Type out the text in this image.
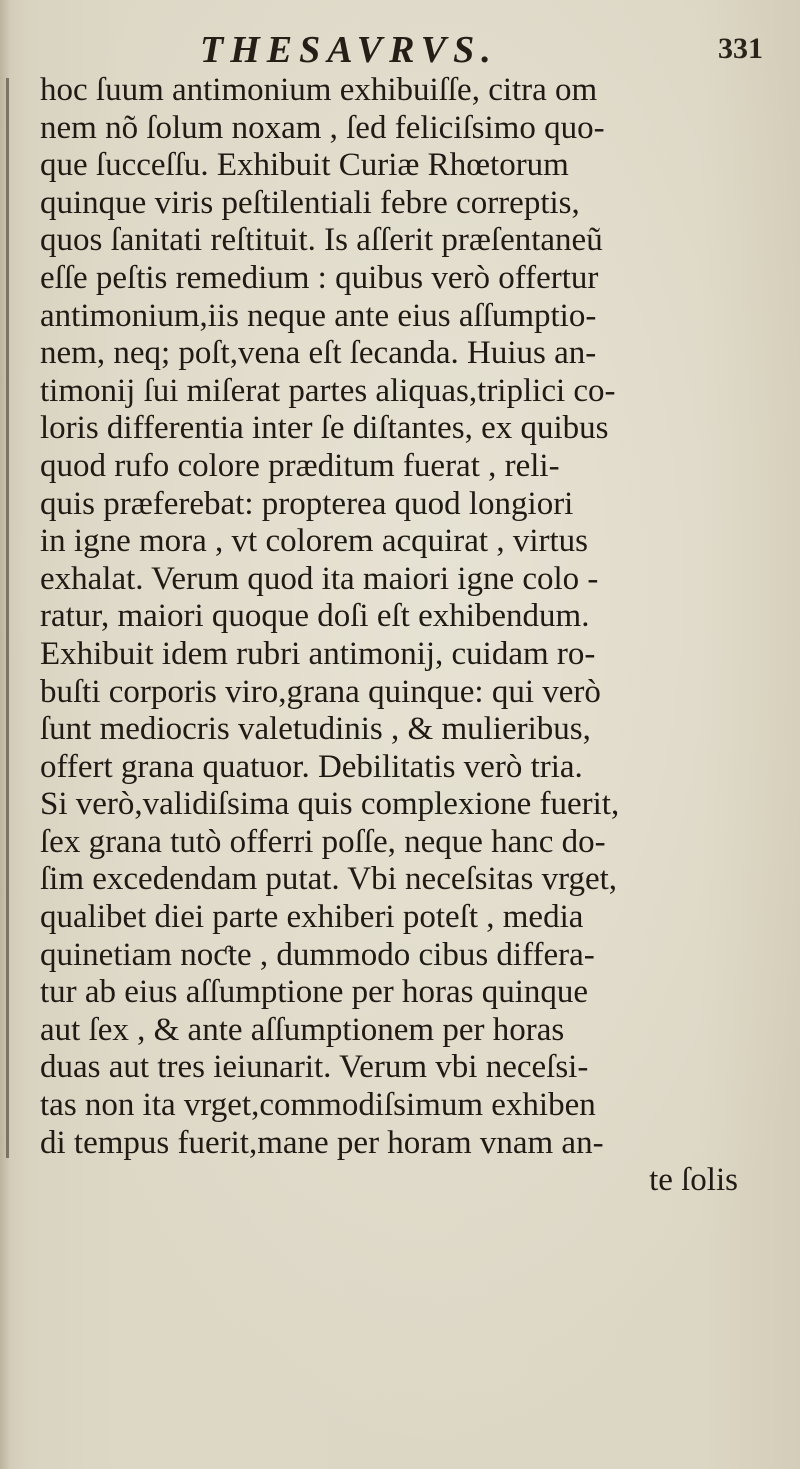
THESAVRVS.	331
hoc ſuum antimonium exhibuiſſe, citra om
nem nõ ſolum noxam , ſed feliciſsimo quo-
que ſucceſſu. Exhibuit Curiæ Rhœtorum
quinque viris peſtilentiali febre correptis,
quos ſanitati reſtituit. Is aſſerit præſentaneũ
eſſe peſtis remedium : quibus verò offertur
antimonium,iis neque ante eius aſſumptio-
nem, neq; poſt,vena eſt ſecanda. Huius an-
timonij ſui miſerat partes aliquas,triplici co-
loris differentia inter ſe diſtantes, ex quibus
quod rufo colore præditum fuerat , reli-
quis præferebat: propterea quod longiori
in igne mora , vt colorem acquirat , virtus
exhalat. Verum quod ita maiori igne colo -
ratur, maiori quoque doſi eſt exhibendum.
Exhibuit idem rubri antimonij, cuidam ro-
buſti corporis viro,grana quinque: qui verò
ſunt mediocris valetudinis , & mulieribus,
offert grana quatuor. Debilitatis verò tria.
Si verò,validiſsima quis complexione fuerit,
ſex grana tutò offerri poſſe, neque hanc do-
ſim excedendam putat. Vbi neceſsitas vrget,
qualibet diei parte exhiberi poteſt , media
quinetiam noƈte , dummodo cibus differa-
tur ab eius aſſumptione per horas quinque
aut ſex , & ante aſſumptionem per horas
duas aut tres ieiunarit. Verum vbi neceſsi-
tas non ita vrget,commodiſsimum exhiben
di tempus fuerit,mane per horam vnam an-
te ſolis
